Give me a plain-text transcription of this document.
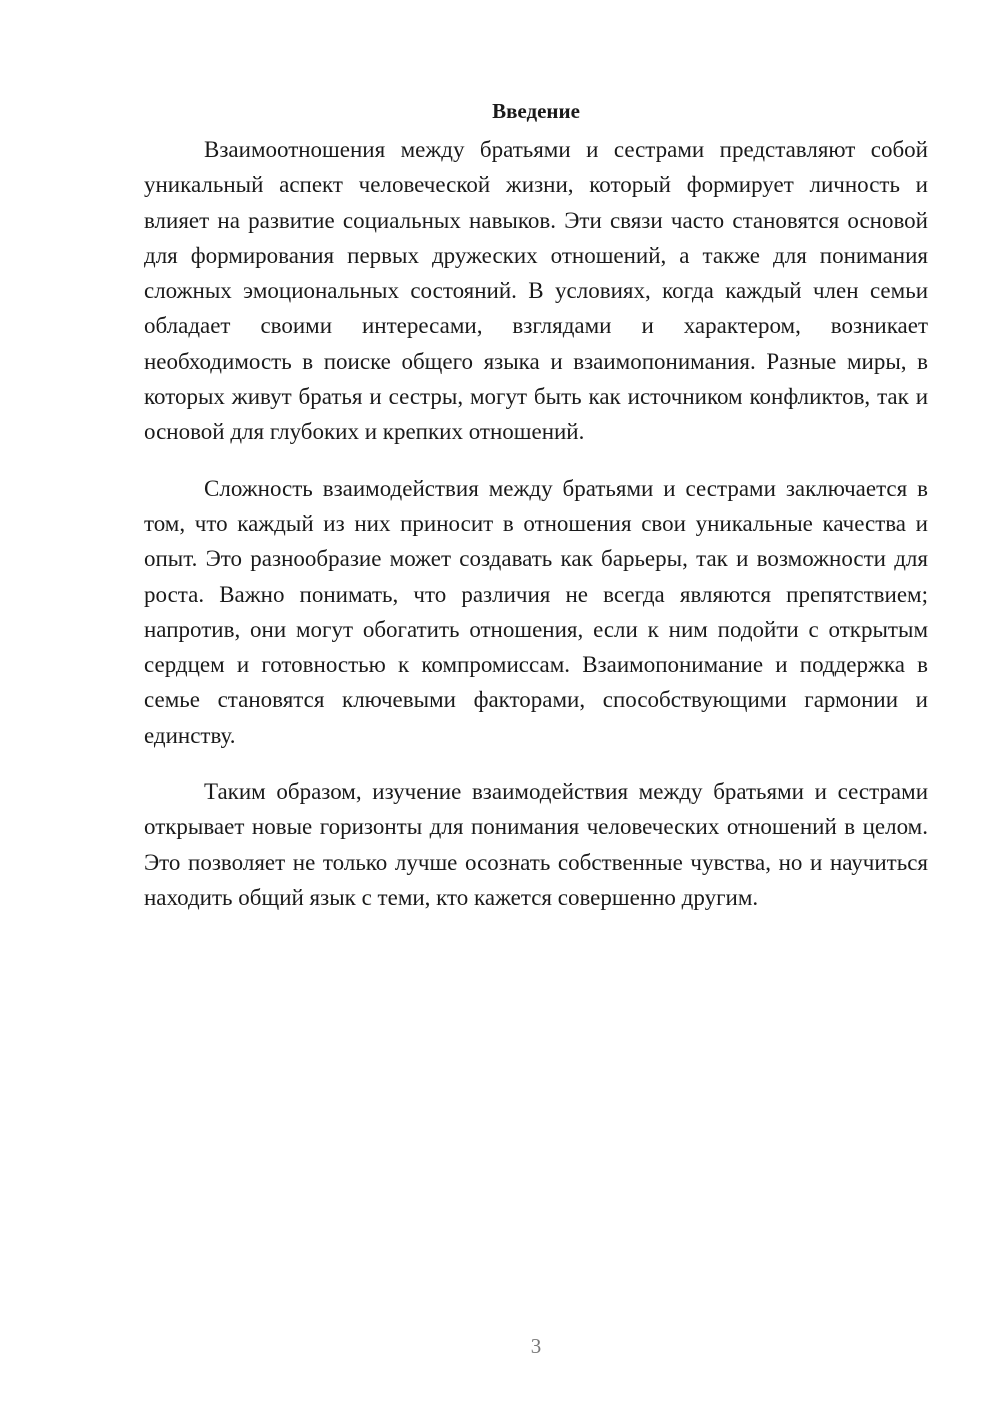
Введение

Взаимоотношения между братьями и сестрами представляют собой уникальный аспект человеческой жизни, который формирует личность и влияет на развитие социальных навыков. Эти связи часто становятся основой для формирования первых дружеских отношений, а также для понимания сложных эмоциональных состояний. В условиях, когда каждый член семьи обладает своими интересами, взглядами и характером, возникает необходимость в поиске общего языка и взаимопонимания. Разные миры, в которых живут братья и сестры, могут быть как источником конфликтов, так и основой для глубоких и крепких отношений.

Сложность взаимодействия между братьями и сестрами заключается в том, что каждый из них приносит в отношения свои уникальные качества и опыт. Это разнообразие может создавать как барьеры, так и возможности для роста. Важно понимать, что различия не всегда являются препятствием; напротив, они могут обогатить отношения, если к ним подойти с открытым сердцем и готовностью к компромиссам. Взаимопонимание и поддержка в семье становятся ключевыми факторами, способствующими гармонии и единству.

Таким образом, изучение взаимодействия между братьями и сестрами открывает новые горизонты для понимания человеческих отношений в целом. Это позволяет не только лучше осознать собственные чувства, но и научиться находить общий язык с теми, кто кажется совершенно другим.

3
